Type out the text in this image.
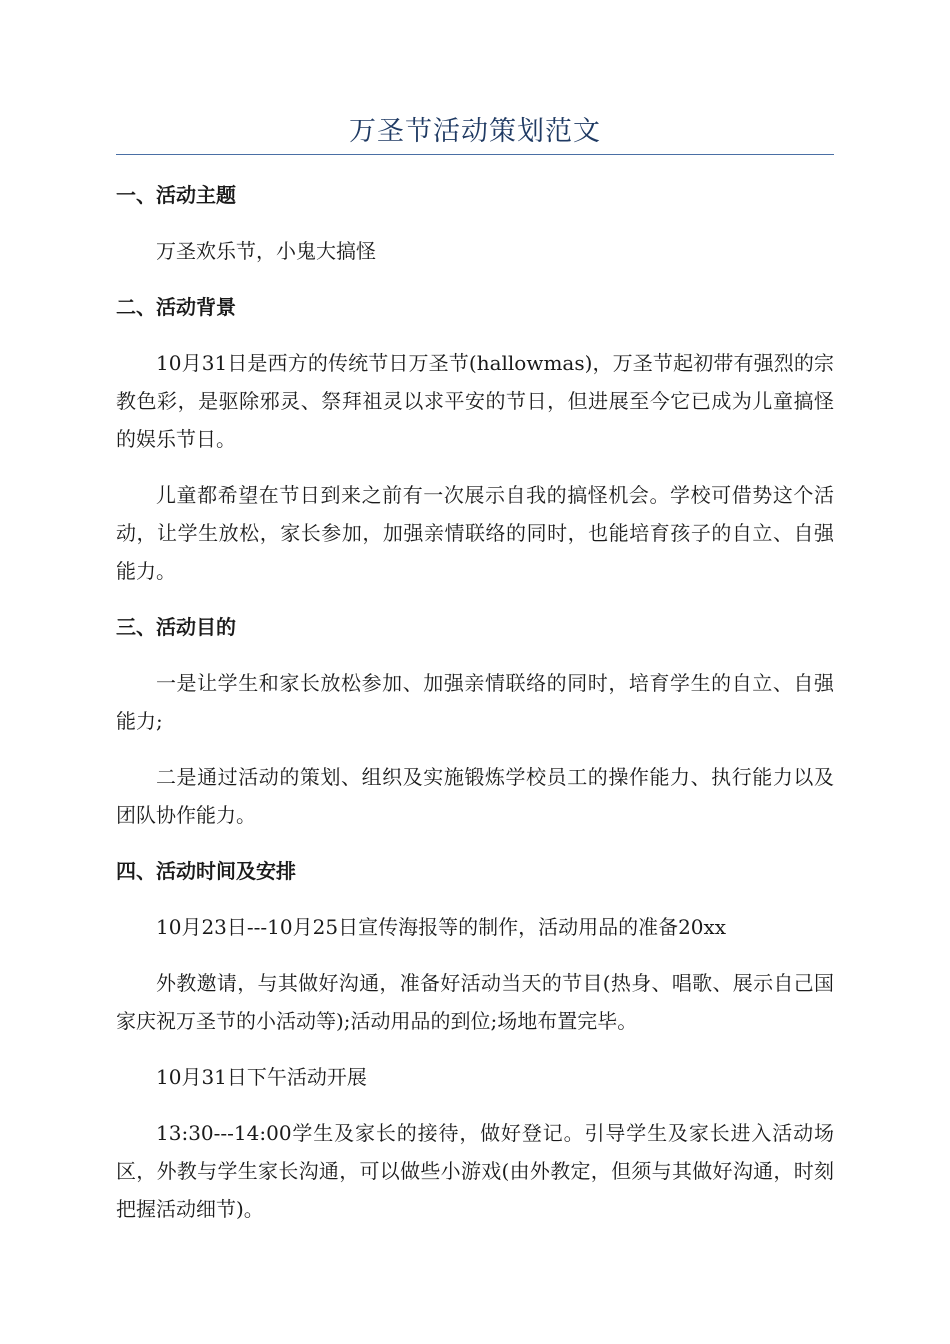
万圣节活动策划范文
一、活动主题
万圣欢乐节，小鬼大搞怪
二、活动背景
10月31日是西方的传统节日万圣节(hallowmas)，万圣节起初带有强烈的宗教色彩，是驱除邪灵、祭拜祖灵以求平安的节日，但进展至今它已成为儿童搞怪的娱乐节日。
儿童都希望在节日到来之前有一次展示自我的搞怪机会。学校可借势这个活动，让学生放松，家长参加，加强亲情联络的同时，也能培育孩子的自立、自强能力。
三、活动目的
一是让学生和家长放松参加、加强亲情联络的同时，培育学生的自立、自强能力;
二是通过活动的策划、组织及实施锻炼学校员工的操作能力、执行能力以及团队协作能力。
四、活动时间及安排
10月23日---10月25日宣传海报等的制作，活动用品的准备20xx
外教邀请，与其做好沟通，准备好活动当天的节目(热身、唱歌、展示自己国家庆祝万圣节的小活动等);活动用品的到位;场地布置完毕。
10月31日下午活动开展
13:30---14:00学生及家长的接待，做好登记。引导学生及家长进入活动场区，外教与学生家长沟通，可以做些小游戏(由外教定，但须与其做好沟通，时刻把握活动细节)。
